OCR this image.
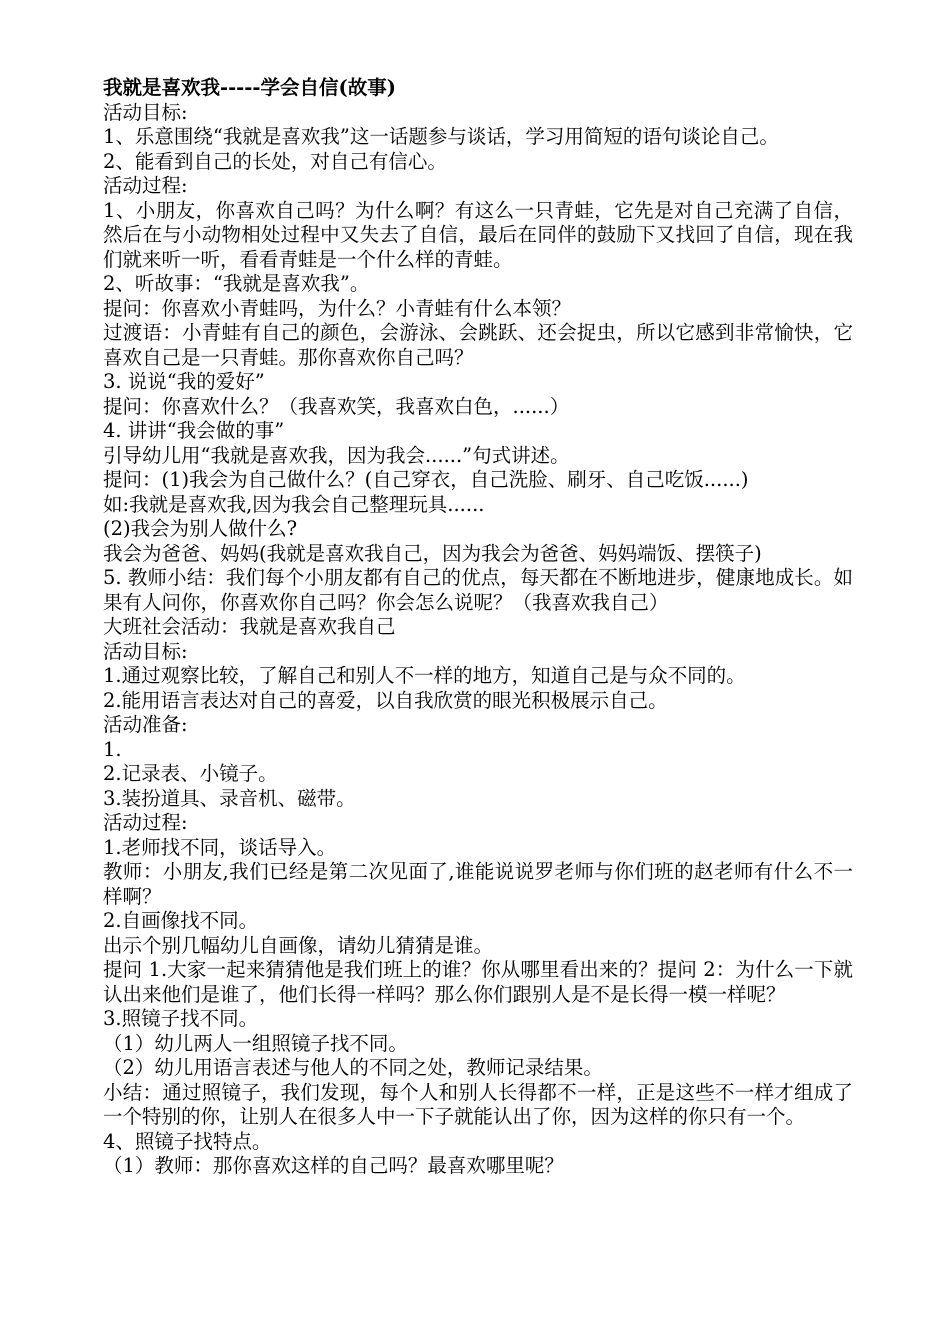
我就是喜欢我-----学会自信(故事)

活动目标:

1、乐意围绕“我就是喜欢我”这一话题参与谈话，学习用简短的语句谈论自己。

2、能看到自己的长处，对自己有信心。

活动过程:

1、小朋友，你喜欢自己吗？为什么啊？有这么一只青蛙，它先是对自己充满了自信，然后在与小动物相处过程中又失去了自信，最后在同伴的鼓励下又找回了自信，现在我们就来听一听，看看青蛙是一个什么样的青蛙。

2、听故事：“我就是喜欢我”。

提问：你喜欢小青蛙吗，为什么？小青蛙有什么本领？

过渡语：小青蛙有自己的颜色，会游泳、会跳跃、还会捉虫，所以它感到非常愉快，它喜欢自己是一只青蛙。那你喜欢你自己吗？

3. 说说“我的爱好”

提问：你喜欢什么？（我喜欢笑，我喜欢白色，......）

4. 讲讲“我会做的事”

引导幼儿用“我就是喜欢我，因为我会......”句式讲述。

提问：(1)我会为自己做什么？(自己穿衣，自己洗脸、刷牙、自己吃饭......)

如:我就是喜欢我,因为我会自己整理玩具......

(2)我会为别人做什么?

我会为爸爸、妈妈(我就是喜欢我自己，因为我会为爸爸、妈妈端饭、摆筷子)

5. 教师小结：我们每个小朋友都有自己的优点，每天都在不断地进步，健康地成长。如果有人问你，你喜欢你自己吗？你会怎么说呢？（我喜欢我自己）

大班社会活动：我就是喜欢我自己

活动目标:

1.通过观察比较，了解自己和别人不一样的地方，知道自己是与众不同的。

2.能用语言表达对自己的喜爱，以自我欣赏的眼光积极展示自己。

活动准备:

1.

2.记录表、小镜子。

3.装扮道具、录音机、磁带。

活动过程:

1.老师找不同，谈话导入。

教师：小朋友,我们已经是第二次见面了,谁能说说罗老师与你们班的赵老师有什么不一样啊？

2.自画像找不同。

出示个别几幅幼儿自画像，请幼儿猜猜是谁。

提问 1.大家一起来猜猜他是我们班上的谁？你从哪里看出来的？提问 2：为什么一下就认出来他们是谁了，他们长得一样吗？那么你们跟别人是不是长得一模一样呢？

3.照镜子找不同。

（1）幼儿两人一组照镜子找不同。

（2）幼儿用语言表述与他人的不同之处，教师记录结果。

小结：通过照镜子，我们发现，每个人和别人长得都不一样，正是这些不一样才组成了一个特别的你，让别人在很多人中一下子就能认出了你，因为这样的你只有一个。

4、照镜子找特点。

（1）教师：那你喜欢这样的自己吗？最喜欢哪里呢？
